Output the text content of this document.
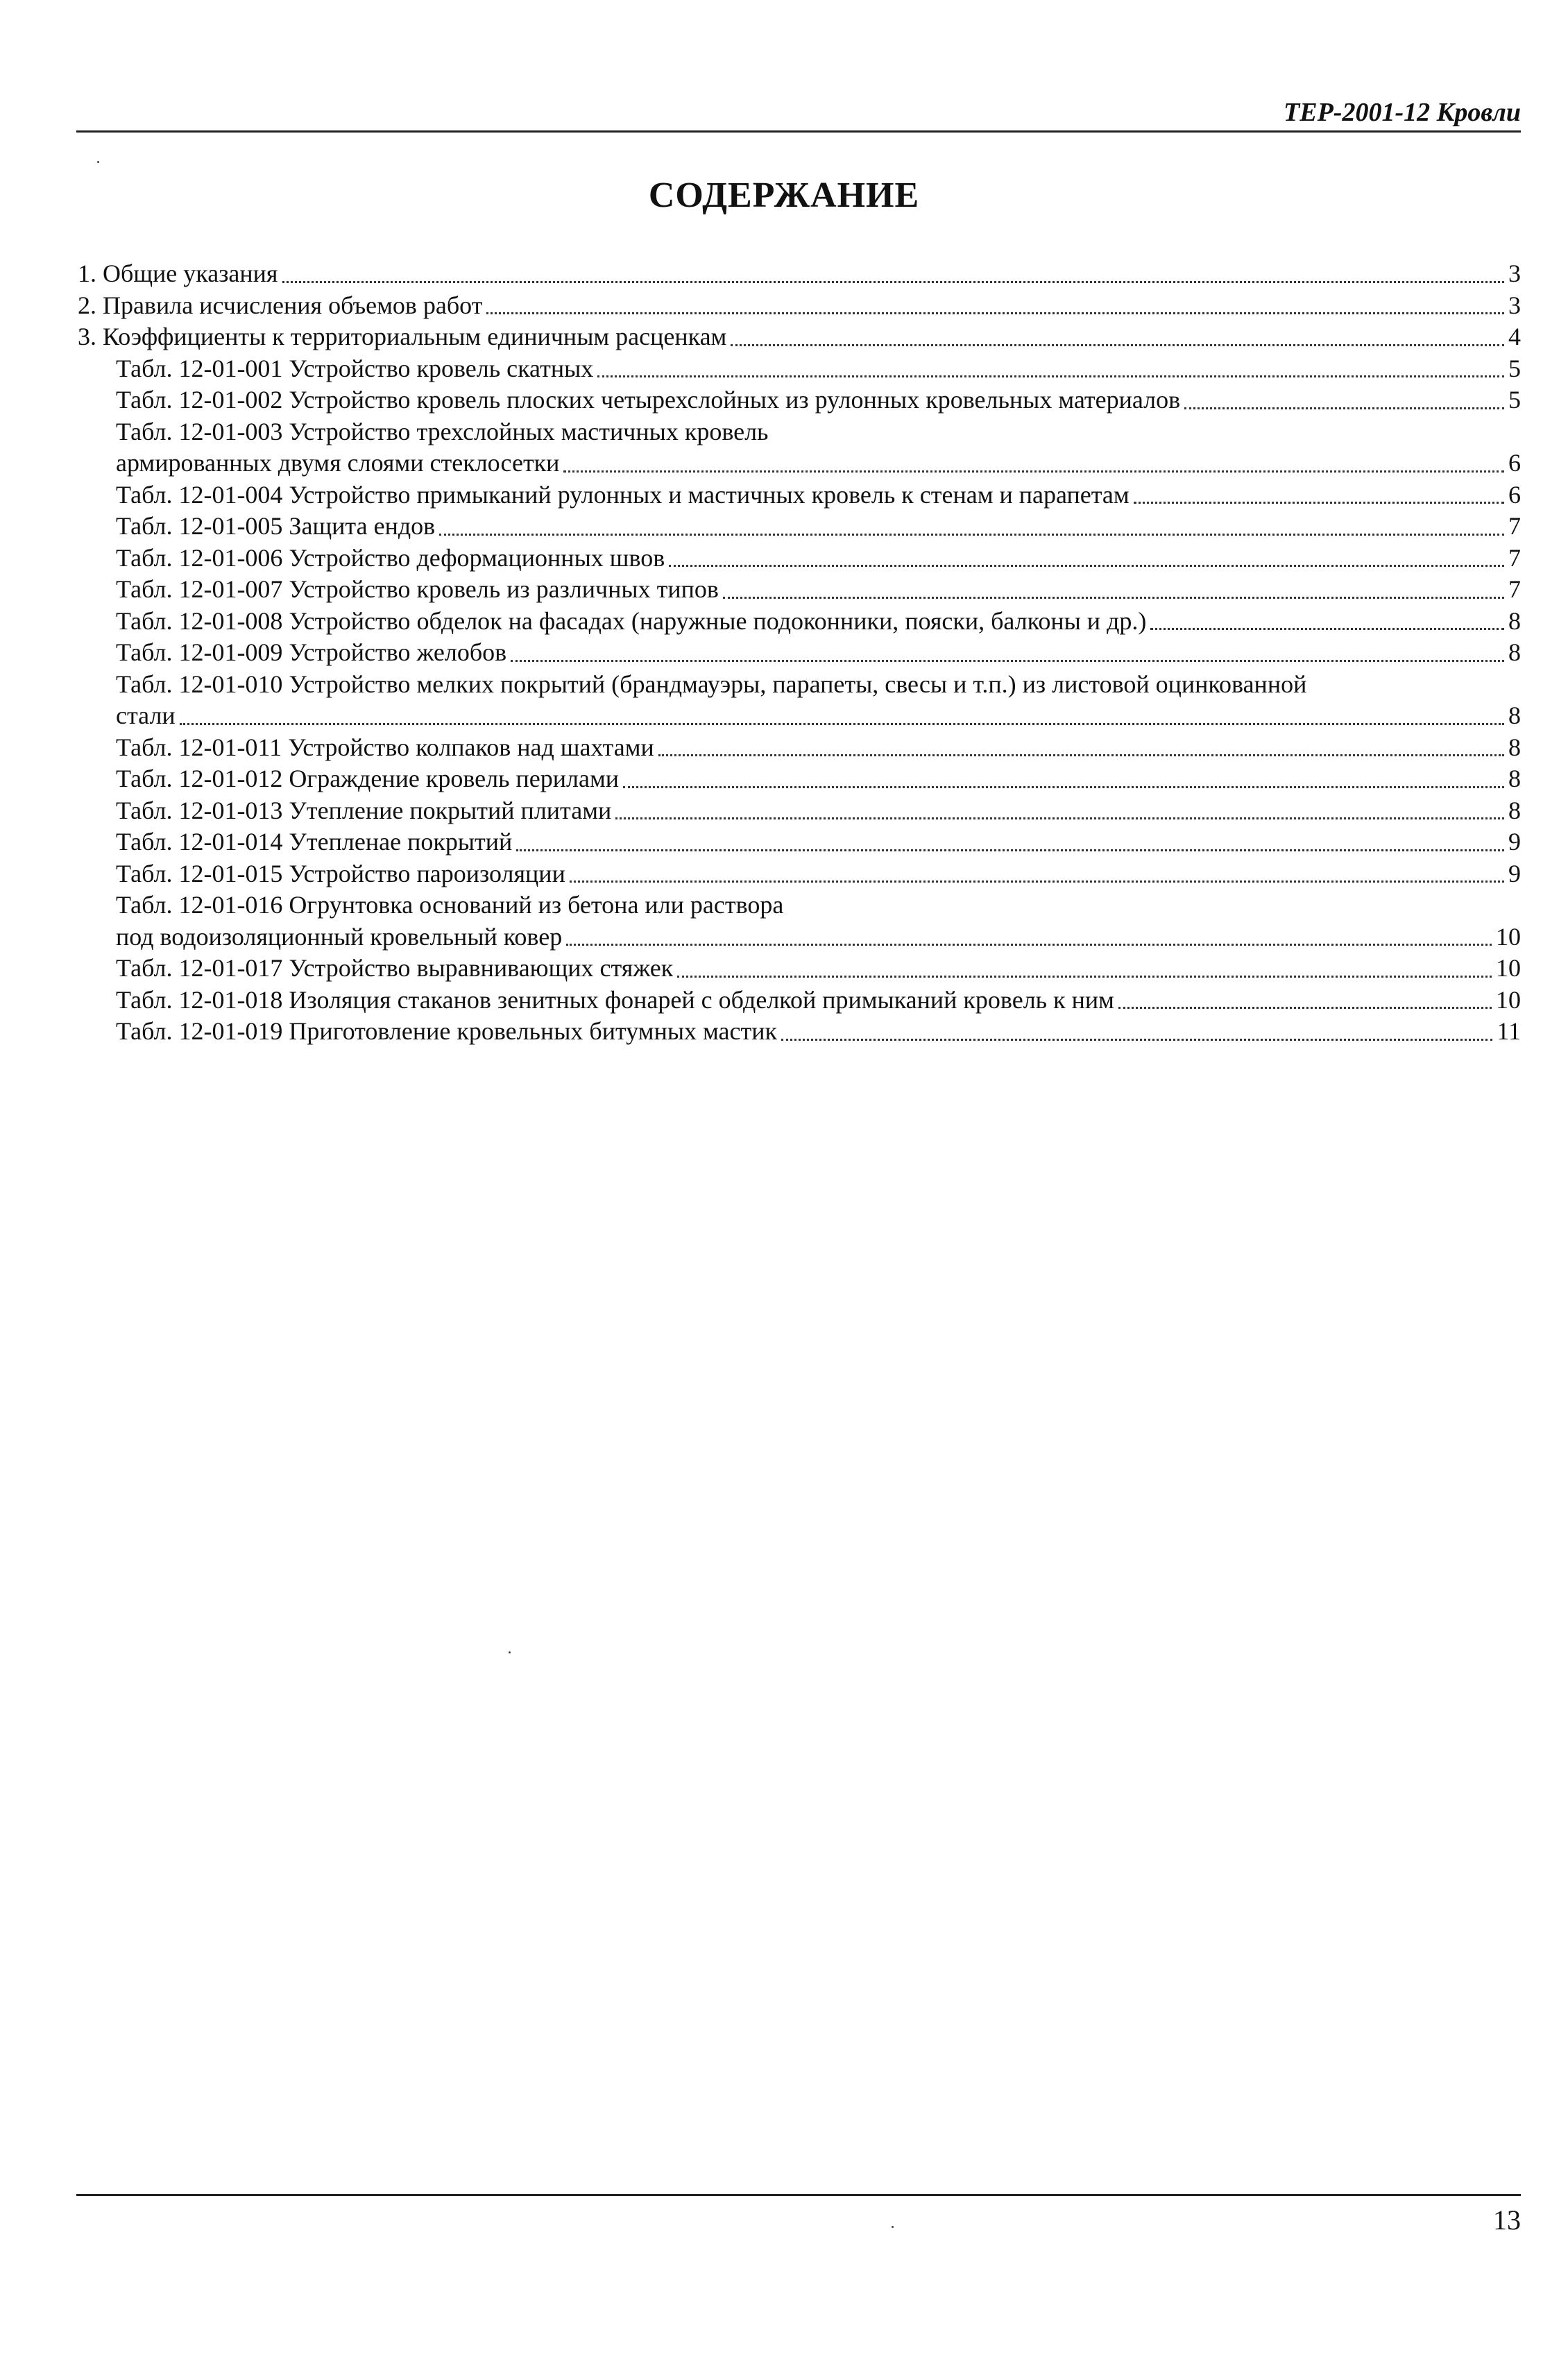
ТЕР-2001-12 Кровли
СОДЕРЖАНИЕ
1. Общие указания	3
2. Правила исчисления объемов работ	3
3. Коэффициенты к территориальным единичным расценкам	4
Табл. 12-01-001 Устройство кровель скатных	5
Табл. 12-01-002 Устройство кровель плоских четырехслойных из рулонных кровельных материалов	5
Табл. 12-01-003 Устройство трехслойных мастичных кровель
армированных двумя слоями стеклосетки	6
Табл. 12-01-004 Устройство примыканий рулонных и мастичных кровель к стенам и парапетам	6
Табл. 12-01-005 Защита ендов	7
Табл. 12-01-006 Устройство деформационных швов	7
Табл. 12-01-007 Устройство кровель из различных типов	7
Табл. 12-01-008 Устройство обделок на фасадах (наружные подоконники, пояски, балконы и др.)	8
Табл. 12-01-009 Устройство желобов	8
Табл. 12-01-010 Устройство мелких покрытий (брандмауэры, парапеты, свесы и т.п.) из листовой оцинкованной
стали	8
Табл. 12-01-011 Устройство колпаков над шахтами	8
Табл. 12-01-012 Ограждение кровель перилами	8
Табл. 12-01-013 Утепление покрытий плитами	8
Табл. 12-01-014 Утепленае покрытий	9
Табл. 12-01-015 Устройство пароизоляции	9
Табл. 12-01-016 Огрунтовка оснований из бетона или раствора
под водоизоляционный кровельный ковер	10
Табл. 12-01-017 Устройство выравнивающих стяжек	10
Табл. 12-01-018 Изоляция стаканов зенитных фонарей с обделкой примыканий кровель к ним	10
Табл. 12-01-019 Приготовление кровельных битумных мастик	11
13
